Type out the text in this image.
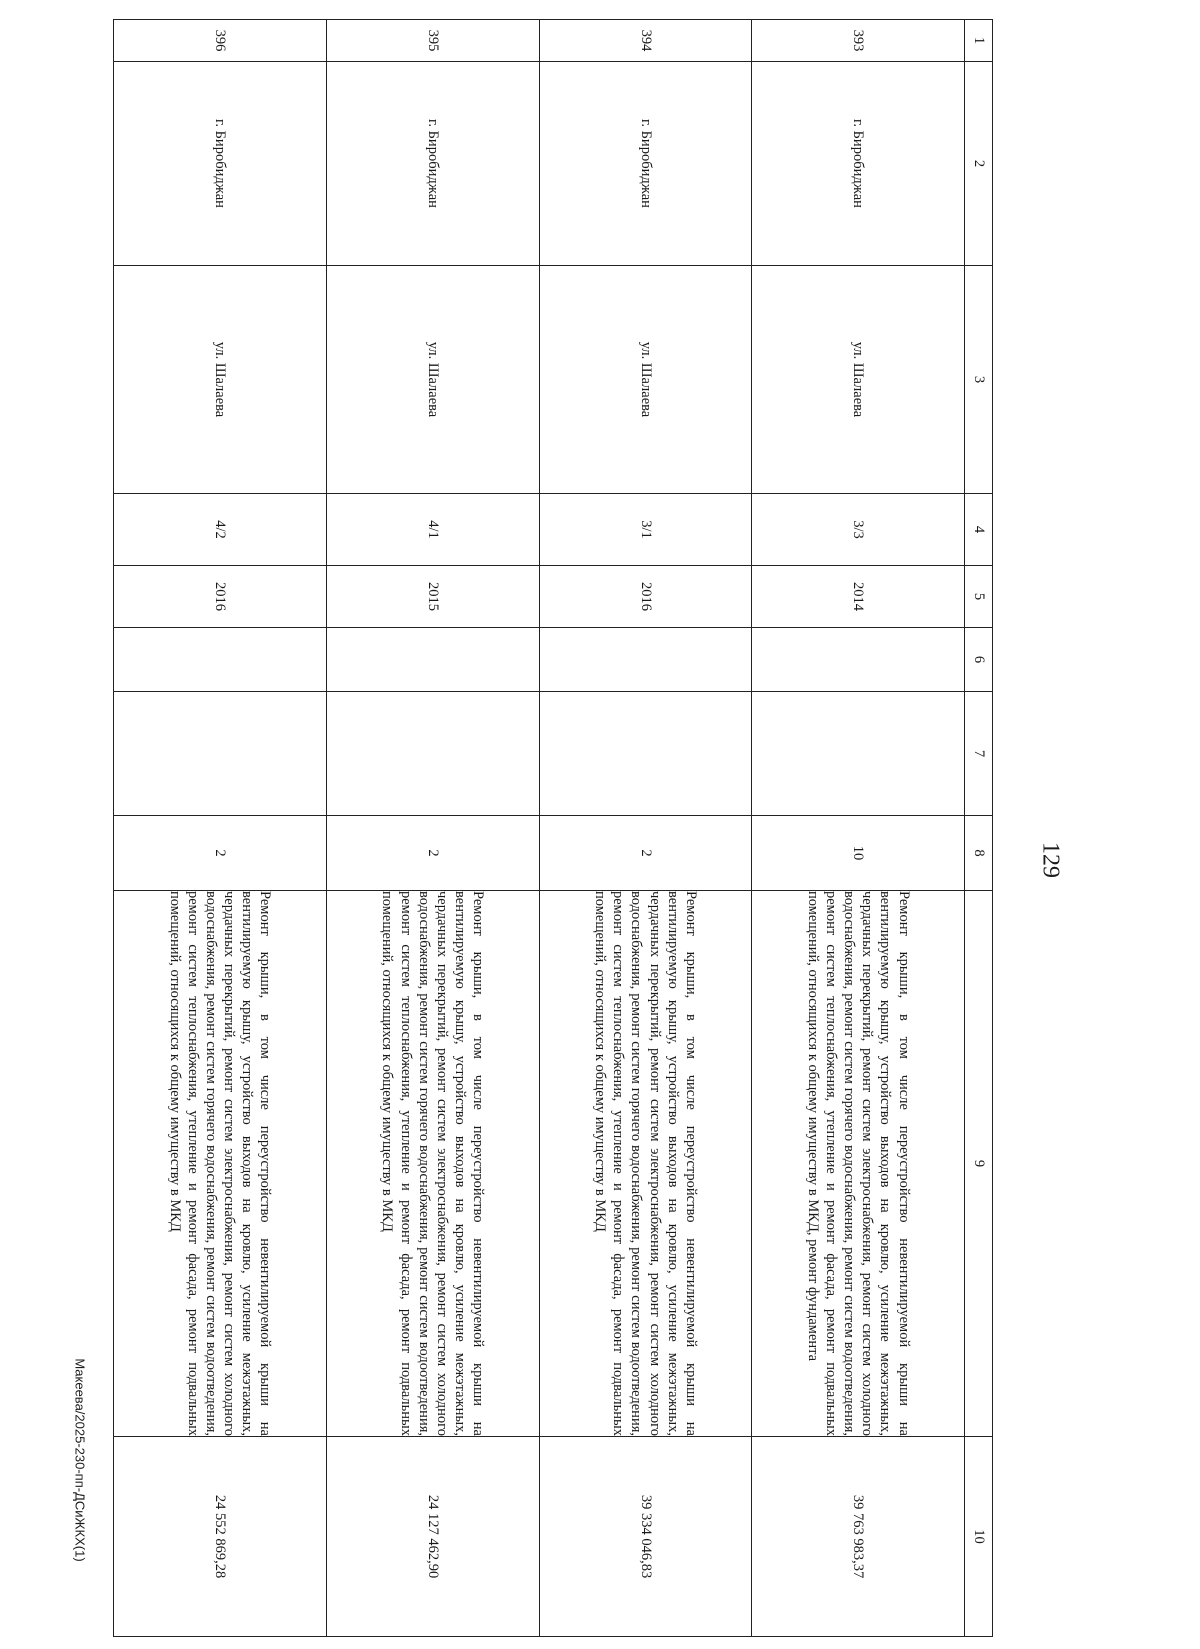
129
1	2	3	4	5	6	7	8	9	10
393	г. Биробиджан	ул. Шалаева	3/3	2014			10	Ремонт крыши, в том числе переустройство невентилируемой крыши на вентилируемую крышу, устройство выходов на кровлю, усиление межэтажных, чердачных перекрытий, ремонт систем электроснабжения, ремонт систем холодного водоснабжения, ремонт систем горячего водоснабжения, ремонт систем водоотведения, ремонт систем теплоснабжения, утепление и ремонт фасада, ремонт подвальных помещений, относящихся к общему имуществу в МКД, ремонт фундамента	39 763 983,37
394	г. Биробиджан	ул. Шалаева	3/1	2016			2	Ремонт крыши, в том числе переустройство невентилируемой крыши на вентилируемую крышу, устройство выходов на кровлю, усиление межэтажных, чердачных перекрытий, ремонт систем электроснабжения, ремонт систем холодного водоснабжения, ремонт систем горячего водоснабжения, ремонт систем водоотведения, ремонт систем теплоснабжения, утепление и ремонт фасада, ремонт подвальных помещений, относящихся к общему имуществу в МКД	39 334 046,83
395	г. Биробиджан	ул. Шалаева	4/1	2015			2	Ремонт крыши, в том числе переустройство невентилируемой крыши на вентилируемую крышу, устройство выходов на кровлю, усиление межэтажных, чердачных перекрытий, ремонт систем электроснабжения, ремонт систем холодного водоснабжения, ремонт систем горячего водоснабжения, ремонт систем водоотведения, ремонт систем теплоснабжения, утепление и ремонт фасада, ремонт подвальных помещений, относящихся к общему имуществу в МКД	24 127 462,90
396	г. Биробиджан	ул. Шалаева	4/2	2016			2	Ремонт крыши, в том числе переустройство невентилируемой крыши на вентилируемую крышу, устройство выходов на кровлю, усиление межэтажных, чердачных перекрытий, ремонт систем электроснабжения, ремонт систем холодного водоснабжения, ремонт систем горячего водоснабжения, ремонт систем водоотведения, ремонт систем теплоснабжения, утепление и ремонт фасада, ремонт подвальных помещений, относящихся к общему имуществу в МКД	24 552 869,28
Макеева/2025-230-пп-ДСиЖКХ(1)
